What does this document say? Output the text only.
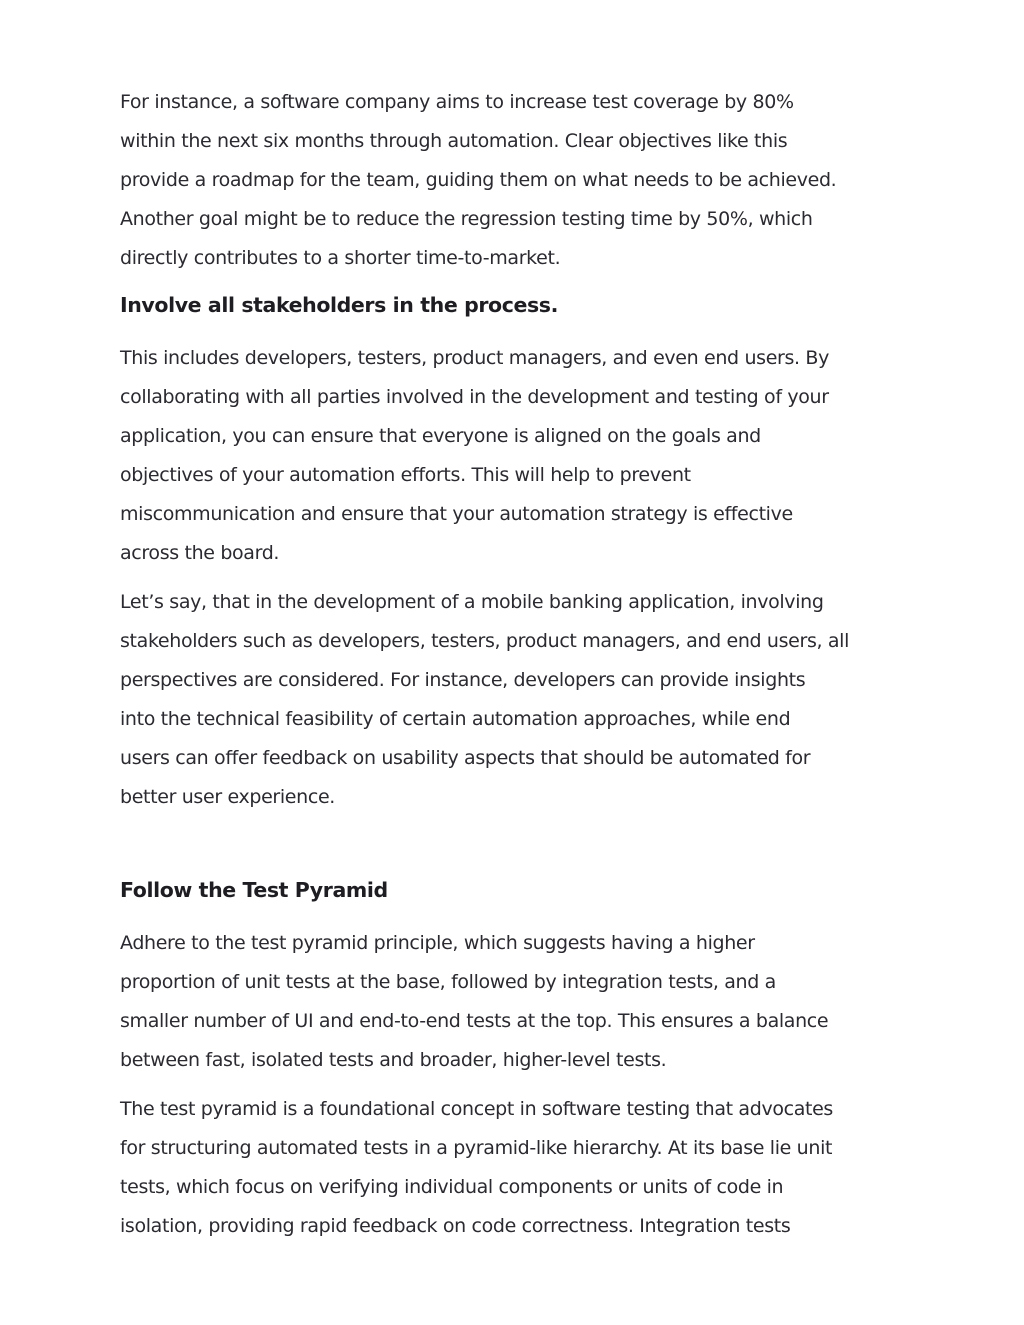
For instance, a software company aims to increase test coverage by 80%
within the next six months through automation. Clear objectives like this
provide a roadmap for the team, guiding them on what needs to be achieved.
Another goal might be to reduce the regression testing time by 50%, which
directly contributes to a shorter time-to-market.

Involve all stakeholders in the process.

This includes developers, testers, product managers, and even end users. By
collaborating with all parties involved in the development and testing of your
application, you can ensure that everyone is aligned on the goals and
objectives of your automation efforts. This will help to prevent
miscommunication and ensure that your automation strategy is effective
across the board.

Let’s say, that in the development of a mobile banking application, involving
stakeholders such as developers, testers, product managers, and end users, all
perspectives are considered. For instance, developers can provide insights
into the technical feasibility of certain automation approaches, while end
users can offer feedback on usability aspects that should be automated for
better user experience.

Follow the Test Pyramid

Adhere to the test pyramid principle, which suggests having a higher
proportion of unit tests at the base, followed by integration tests, and a
smaller number of UI and end-to-end tests at the top. This ensures a balance
between fast, isolated tests and broader, higher-level tests.

The test pyramid is a foundational concept in software testing that advocates
for structuring automated tests in a pyramid-like hierarchy. At its base lie unit
tests, which focus on verifying individual components or units of code in
isolation, providing rapid feedback on code correctness. Integration tests
